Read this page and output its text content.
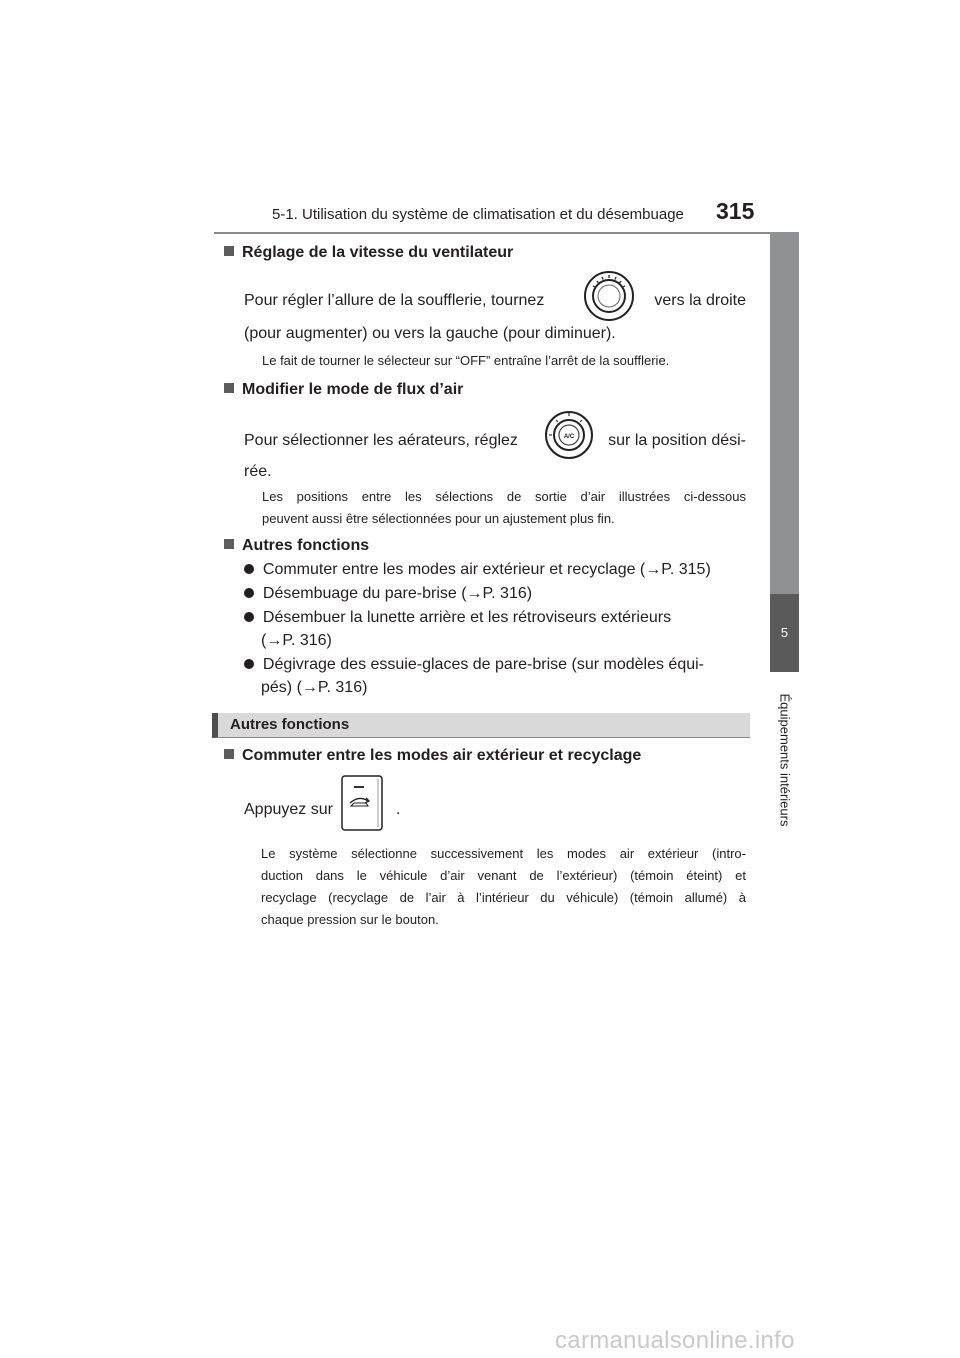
5-1. Utilisation du système de climatisation et du désembuage 315
5
Équipements intérieurs
Réglage de la vitesse du ventilateur
Pour régler l’allure de la soufflerie, tournez	vers la droite
(pour augmenter) ou vers la gauche (pour diminuer).
Le fait de tourner le sélecteur sur “OFF” entraîne l’arrêt de la soufflerie.
Modifier le mode de flux d’air
Pour sélectionner les aérateurs, réglez	A/C	sur la position dési-
rée.
Les positions entre les sélections de sortie d’air illustrées ci-dessous
peuvent aussi être sélectionnées pour un ajustement plus fin.
Autres fonctions
Commuter entre les modes air extérieur et recyclage (→P. 315)
Désembuage du pare-brise (→P. 316)
Désembuer la lunette arrière et les rétroviseurs extérieurs
(→P. 316)
Dégivrage des essuie-glaces de pare-brise (sur modèles équi-
pés) (→P. 316)
Autres fonctions
Commuter entre les modes air extérieur et recyclage
Appuyez sur	.
Le système sélectionne successivement les modes air extérieur (intro-
duction dans le véhicule d’air venant de l’extérieur) (témoin éteint) et
recyclage (recyclage de l’air à l’intérieur du véhicule) (témoin allumé) à
chaque pression sur le bouton.
carmanualsonline.info
